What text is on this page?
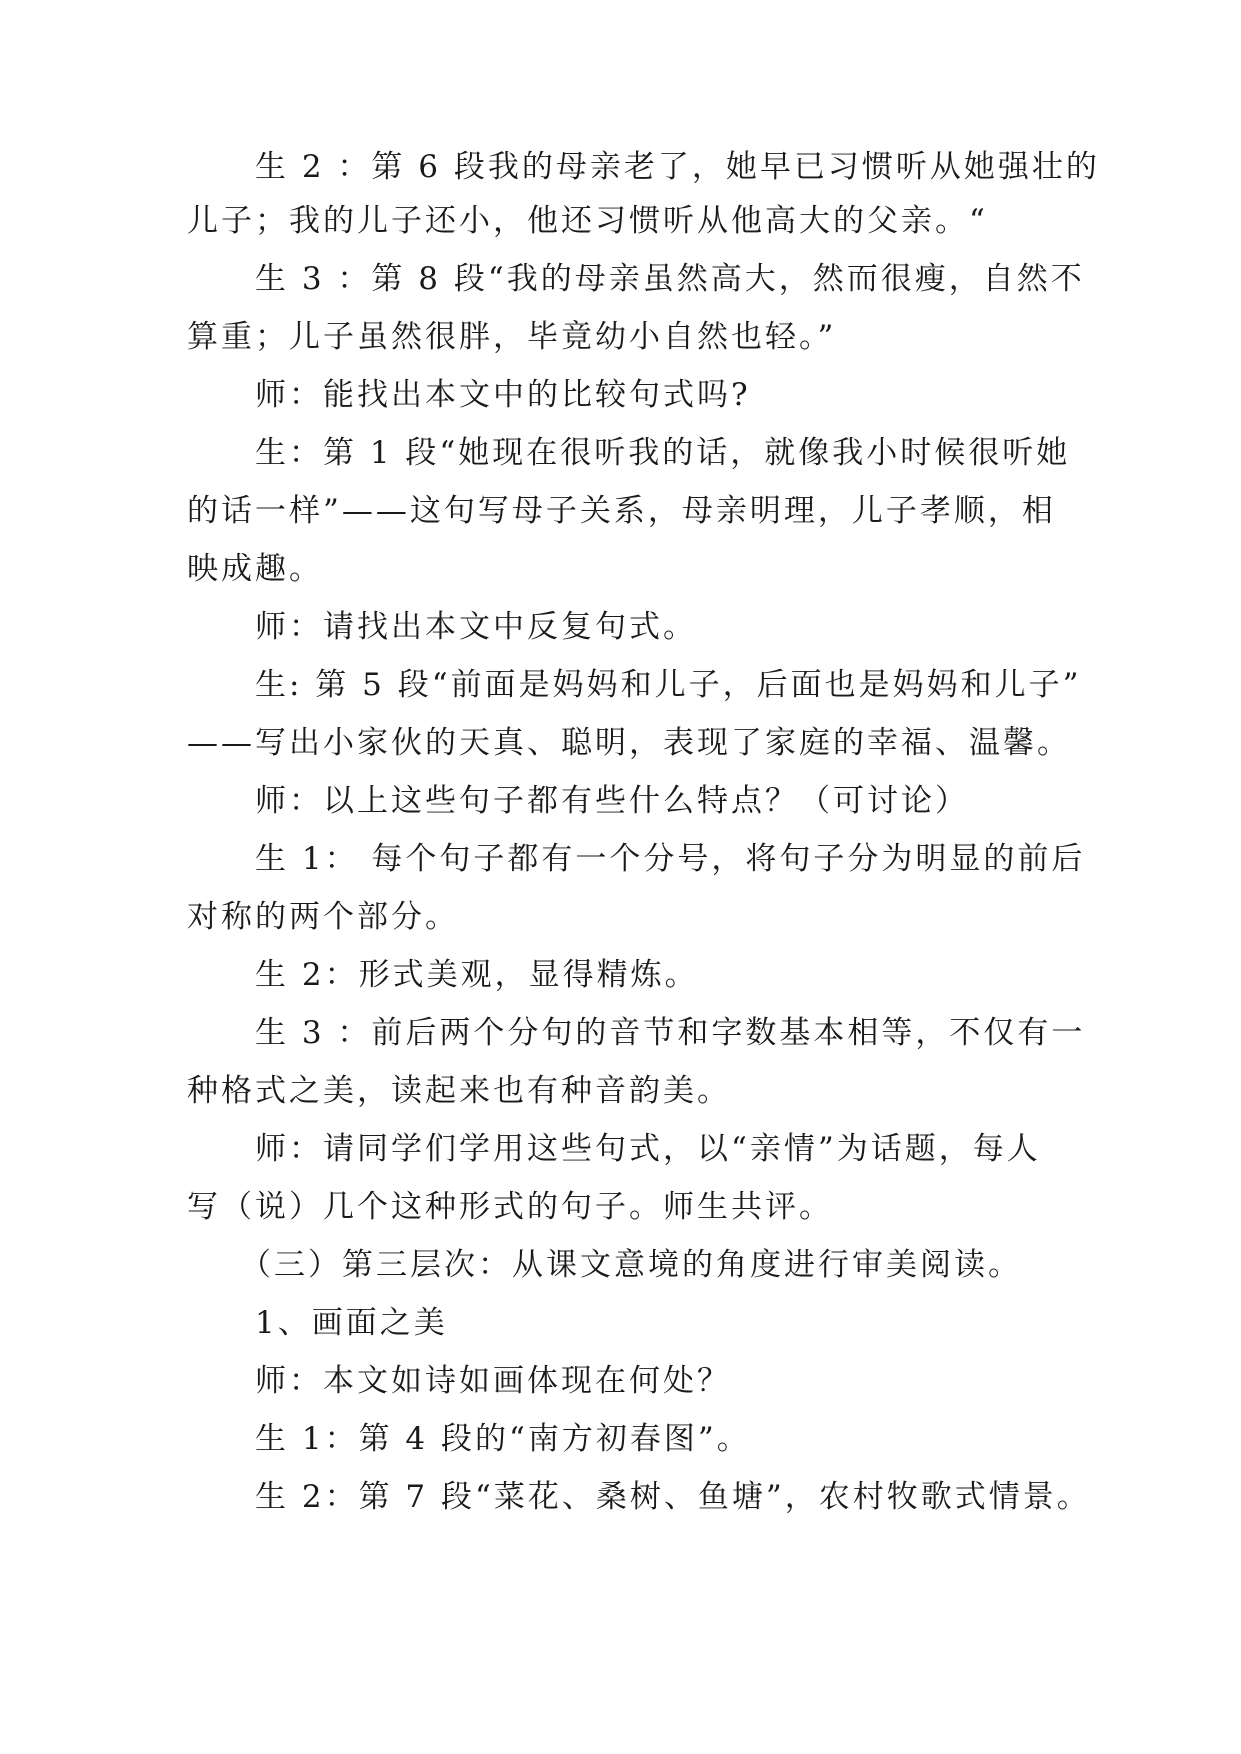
生 2 ：第 6 段我的母亲老了，她早已习惯听从她强壮的
儿子；我的儿子还小，他还习惯听从他高大的父亲。“
生 3 ：第 8 段“我的母亲虽然高大，然而很瘦，自然不
算重；儿子虽然很胖，毕竟幼小自然也轻。”
师：能找出本文中的比较句式吗?
生：第 1 段“她现在很听我的话，就像我小时候很听她
的话一样”——这句写母子关系，母亲明理，儿子孝顺，相
映成趣。
师：请找出本文中反复句式。
生: 第 5 段“前面是妈妈和儿子，后面也是妈妈和儿子”
——写出小家伙的天真、聪明，表现了家庭的幸福、温馨。
师：以上这些句子都有些什么特点？（可讨论）
生 1： 每个句子都有一个分号，将句子分为明显的前后
对称的两个部分。
生 2：形式美观，显得精炼。
生 3 ：前后两个分句的音节和字数基本相等，不仅有一
种格式之美，读起来也有种音韵美。
师：请同学们学用这些句式，以“亲情”为话题，每人
写（说）几个这种形式的句子。师生共评。
（三）第三层次：从课文意境的角度进行审美阅读。
1、画面之美
师：本文如诗如画体现在何处？
生 1：第 4 段的“南方初春图”。
生 2：第 7 段“菜花、桑树、鱼塘”，农村牧歌式情景。
